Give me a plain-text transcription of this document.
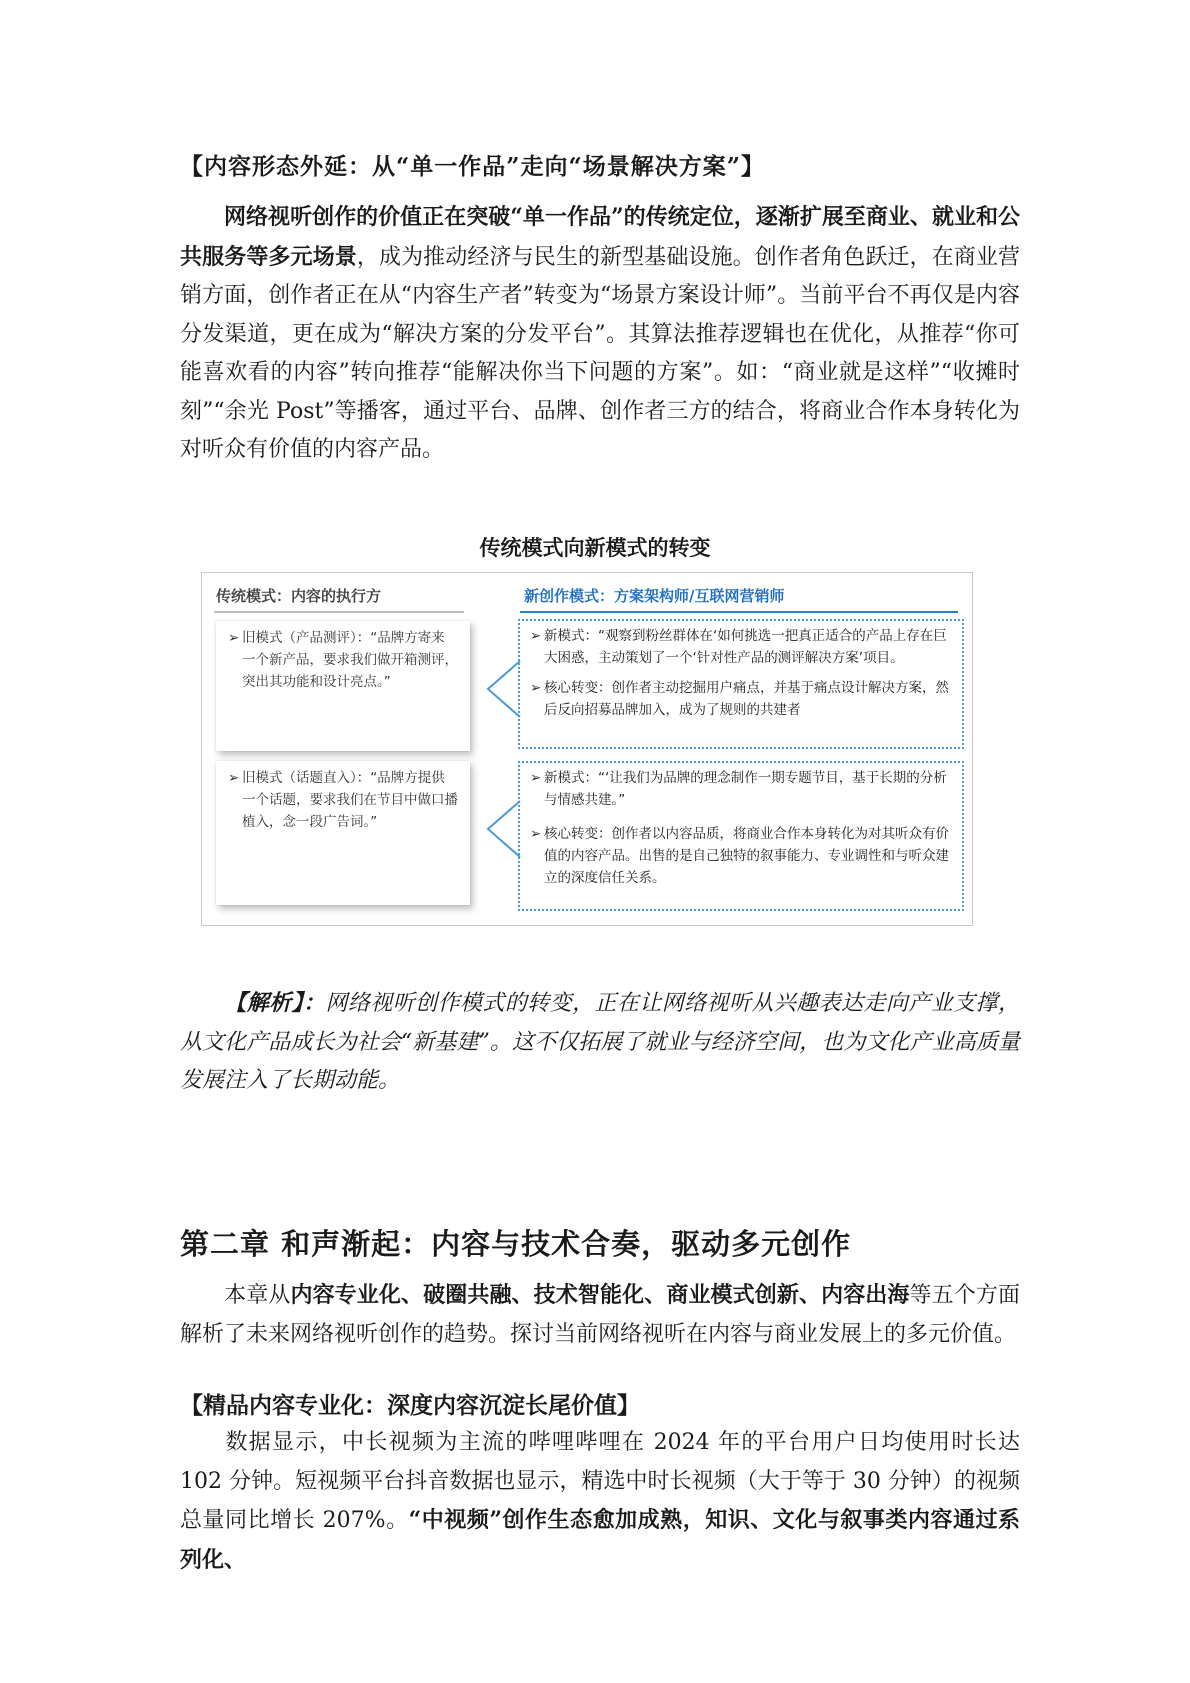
【内容形态外延：从“单一作品”走向“场景解决方案”】

网络视听创作的价值正在突破“单一作品”的传统定位，逐渐扩展至商业、就业和公共服务等多元场景，成为推动经济与民生的新型基础设施。创作者角色跃迁，在商业营销方面，创作者正在从“内容生产者”转变为“场景方案设计师”。当前平台不再仅是内容分发渠道，更在成为“解决方案的分发平台”。其算法推荐逻辑也在优化，从推荐“你可能喜欢看的内容”转向推荐“能解决你当下问题的方案”。如：“商业就是这样”“收摊时刻”“余光 Post”等播客，通过平台、品牌、创作者三方的结合，将商业合作本身转化为对听众有价值的内容产品。

传统模式向新模式的转变
传统模式：内容的执行方	新创作模式：方案架构师/互联网营销师
➢ 旧模式（产品测评）：“品牌方寄来一个新产品，要求我们做开箱测评，突出其功能和设计亮点。”
➢ 新模式：“观察到粉丝群体在‘如何挑选一把真正适合的产品上存在巨大困惑，主动策划了一个‘针对性产品的测评解决方案’项目。
➢ 核心转变：创作者主动挖掘用户痛点，并基于痛点设计解决方案，然后反向招募品牌加入，成为了规则的共建者
➢ 旧模式（话题直入）：“品牌方提供一个话题，要求我们在节目中做口播植入，念一段广告词。”
➢ 新模式：“‘让我们为品牌的理念制作一期专题节目，基于长期的分析与情感共建。”
➢ 核心转变：创作者以内容品质，将商业合作本身转化为对其听众有价值的内容产品。出售的是自己独特的叙事能力、专业调性和与听众建立的深度信任关系。

【解析】：网络视听创作模式的转变，正在让网络视听从兴趣表达走向产业支撑，从文化产品成长为社会“新基建”。这不仅拓展了就业与经济空间，也为文化产业高质量发展注入了长期动能。

第二章 和声渐起：内容与技术合奏，驱动多元创作

本章从内容专业化、破圈共融、技术智能化、商业模式创新、内容出海等五个方面解析了未来网络视听创作的趋势。探讨当前网络视听在内容与商业发展上的多元价值。

【精品内容专业化：深度内容沉淀长尾价值】

数据显示，中长视频为主流的哔哩哔哩在 2024 年的平台用户日均使用时长达 102 分钟。短视频平台抖音数据也显示，精选中时长视频（大于等于 30 分钟）的视频总量同比增长 207%。“中视频”创作生态愈加成熟，知识、文化与叙事类内容通过系列化、
